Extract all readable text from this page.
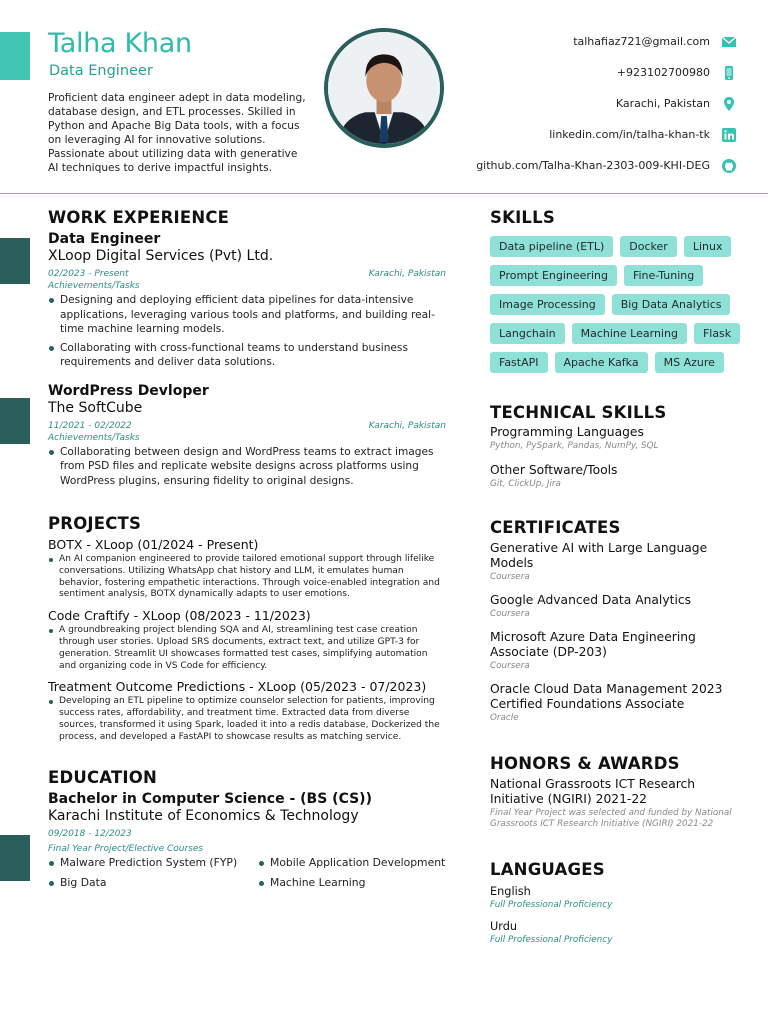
Talha Khan
Data Engineer

Proficient data engineer adept in data modeling, database design, and ETL processes. Skilled in Python and Apache Big Data tools, with a focus on leveraging AI for innovative solutions. Passionate about utilizing data with generative AI techniques to derive impactful insights.

talhafiaz721@gmail.com
+923102700980
Karachi, Pakistan
linkedin.com/in/talha-khan-tk
github.com/Talha-Khan-2303-009-KHI-DEG
WORK EXPERIENCE
Data Engineer
XLoop Digital Services (Pvt) Ltd.
02/2023 - Present	Karachi, Pakistan
Achievements/Tasks
Designing and deploying efficient data pipelines for data-intensive applications, leveraging various tools and platforms, and building real-time machine learning models.
Collaborating with cross-functional teams to understand business requirements and deliver data solutions.
WordPress Devloper
The SoftCube
11/2021 - 02/2022	Karachi, Pakistan
Achievements/Tasks
Collaborating between design and WordPress teams to extract images from PSD files and replicate website designs across platforms using WordPress plugins, ensuring fidelity to original designs.
PROJECTS
BOTX - XLoop (01/2024 - Present)
An AI companion engineered to provide tailored emotional support through lifelike conversations. Utilizing WhatsApp chat history and LLM, it emulates human behavior, fostering empathetic interactions. Through voice-enabled integration and sentiment analysis, BOTX dynamically adapts to user emotions.
Code Craftify - XLoop (08/2023 - 11/2023)
A groundbreaking project blending SQA and AI, streamlining test case creation through user stories. Upload SRS documents, extract text, and utilize GPT-3 for generation. Streamlit UI showcases formatted test cases, simplifying automation and organizing code in VS Code for efficiency.
Treatment Outcome Predictions - XLoop (05/2023 - 07/2023)
Developing an ETL pipeline to optimize counselor selection for patients, improving success rates, affordability, and treatment time. Extracted data from diverse sources, transformed it using Spark, loaded it into a redis database, Dockerized the process, and developed a FastAPI to showcase results as matching service.
EDUCATION
Bachelor in Computer Science - (BS (CS))
Karachi Institute of Economics & Technology
09/2018 - 12/2023
Final Year Project/Elective Courses
Malware Prediction System (FYP)	Mobile Application Development
Big Data	Machine Learning
SKILLS
Data pipeline (ETL)	Docker	Linux
Prompt Engineering	Fine-Tuning
Image Processing	Big Data Analytics
Langchain	Machine Learning	Flask
FastAPI	Apache Kafka	MS Azure
TECHNICAL SKILLS
Programming Languages
Python, PySpark, Pandas, NumPy, SQL
Other Software/Tools
Git, ClickUp, Jira
CERTIFICATES
Generative AI with Large Language Models
Coursera
Google Advanced Data Analytics
Coursera
Microsoft Azure Data Engineering Associate (DP-203)
Coursera
Oracle Cloud Data Management 2023 Certified Foundations Associate
Oracle
HONORS & AWARDS
National Grassroots ICT Research Initiative (NGIRI) 2021-22
Final Year Project was selected and funded by National Grassroots ICT Research Initiative (NGIRI) 2021-22
LANGUAGES
English
Full Professional Proficiency
Urdu
Full Professional Proficiency
